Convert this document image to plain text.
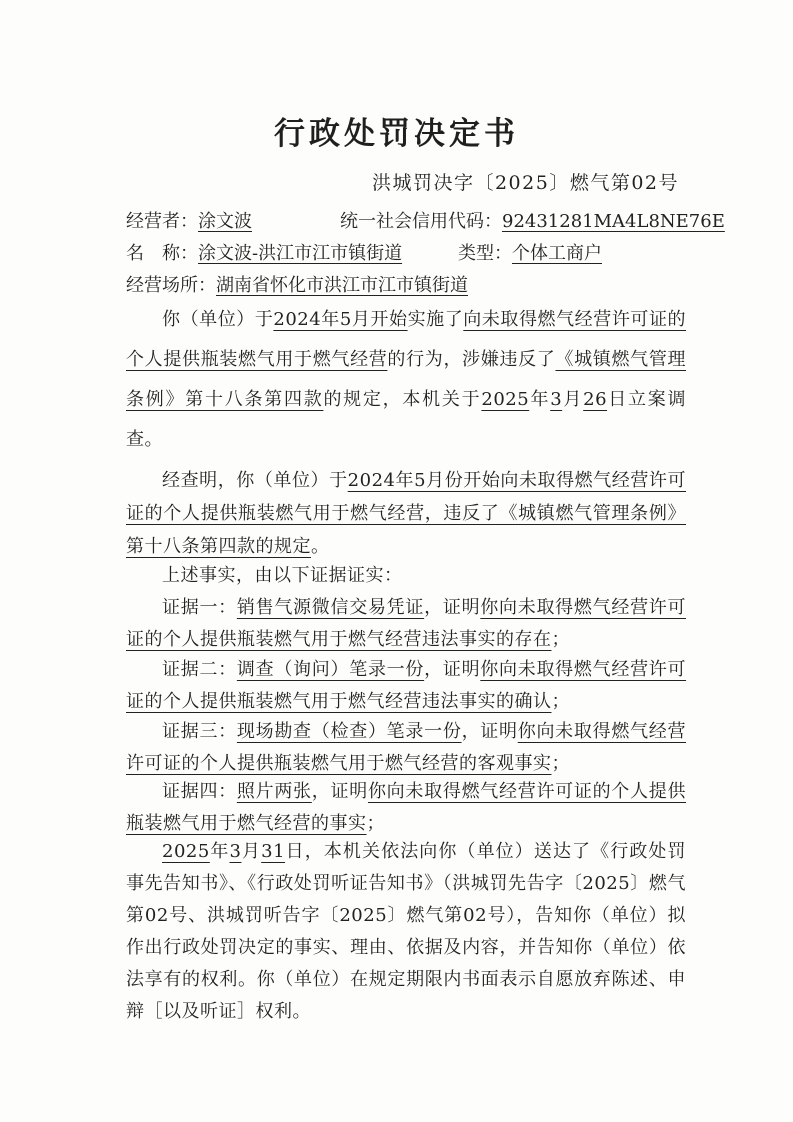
行政处罚决定书
洪城罚决字〔2025〕燃气第02号
经营者：涂文波	统一社会信用代码：92431281MA4L8NE76E
名　称：涂文波-洪江市江市镇街道	类型：个体工商户
经营场所：湖南省怀化市洪江市江市镇街道
你（单位）于2024年5月开始实施了向未取得燃气经营许可证的个人提供瓶装燃气用于燃气经营的行为，涉嫌违反了《城镇燃气管理条例》第十八条第四款的规定，本机关于2025年3月26日立案调查。
经查明，你（单位）于2024年5月份开始向未取得燃气经营许可证的个人提供瓶装燃气用于燃气经营，违反了《城镇燃气管理条例》第十八条第四款的规定。
上述事实，由以下证据证实：
证据一：销售气源微信交易凭证，证明你向未取得燃气经营许可证的个人提供瓶装燃气用于燃气经营违法事实的存在；
证据二：调查（询问）笔录一份，证明你向未取得燃气经营许可证的个人提供瓶装燃气用于燃气经营违法事实的确认；
证据三：现场勘查（检查）笔录一份，证明你向未取得燃气经营许可证的个人提供瓶装燃气用于燃气经营的客观事实；
证据四：照片两张，证明你向未取得燃气经营许可证的个人提供瓶装燃气用于燃气经营的事实；
2025年3月31日，本机关依法向你（单位）送达了《行政处罚事先告知书》、《行政处罚听证告知书》（洪城罚先告字〔2025〕燃气第02号、洪城罚听告字〔2025〕燃气第02号），告知你（单位）拟作出行政处罚决定的事实、理由、依据及内容，并告知你（单位）依法享有的权利。你（单位）在规定期限内书面表示自愿放弃陈述、申辩［以及听证］权利。
